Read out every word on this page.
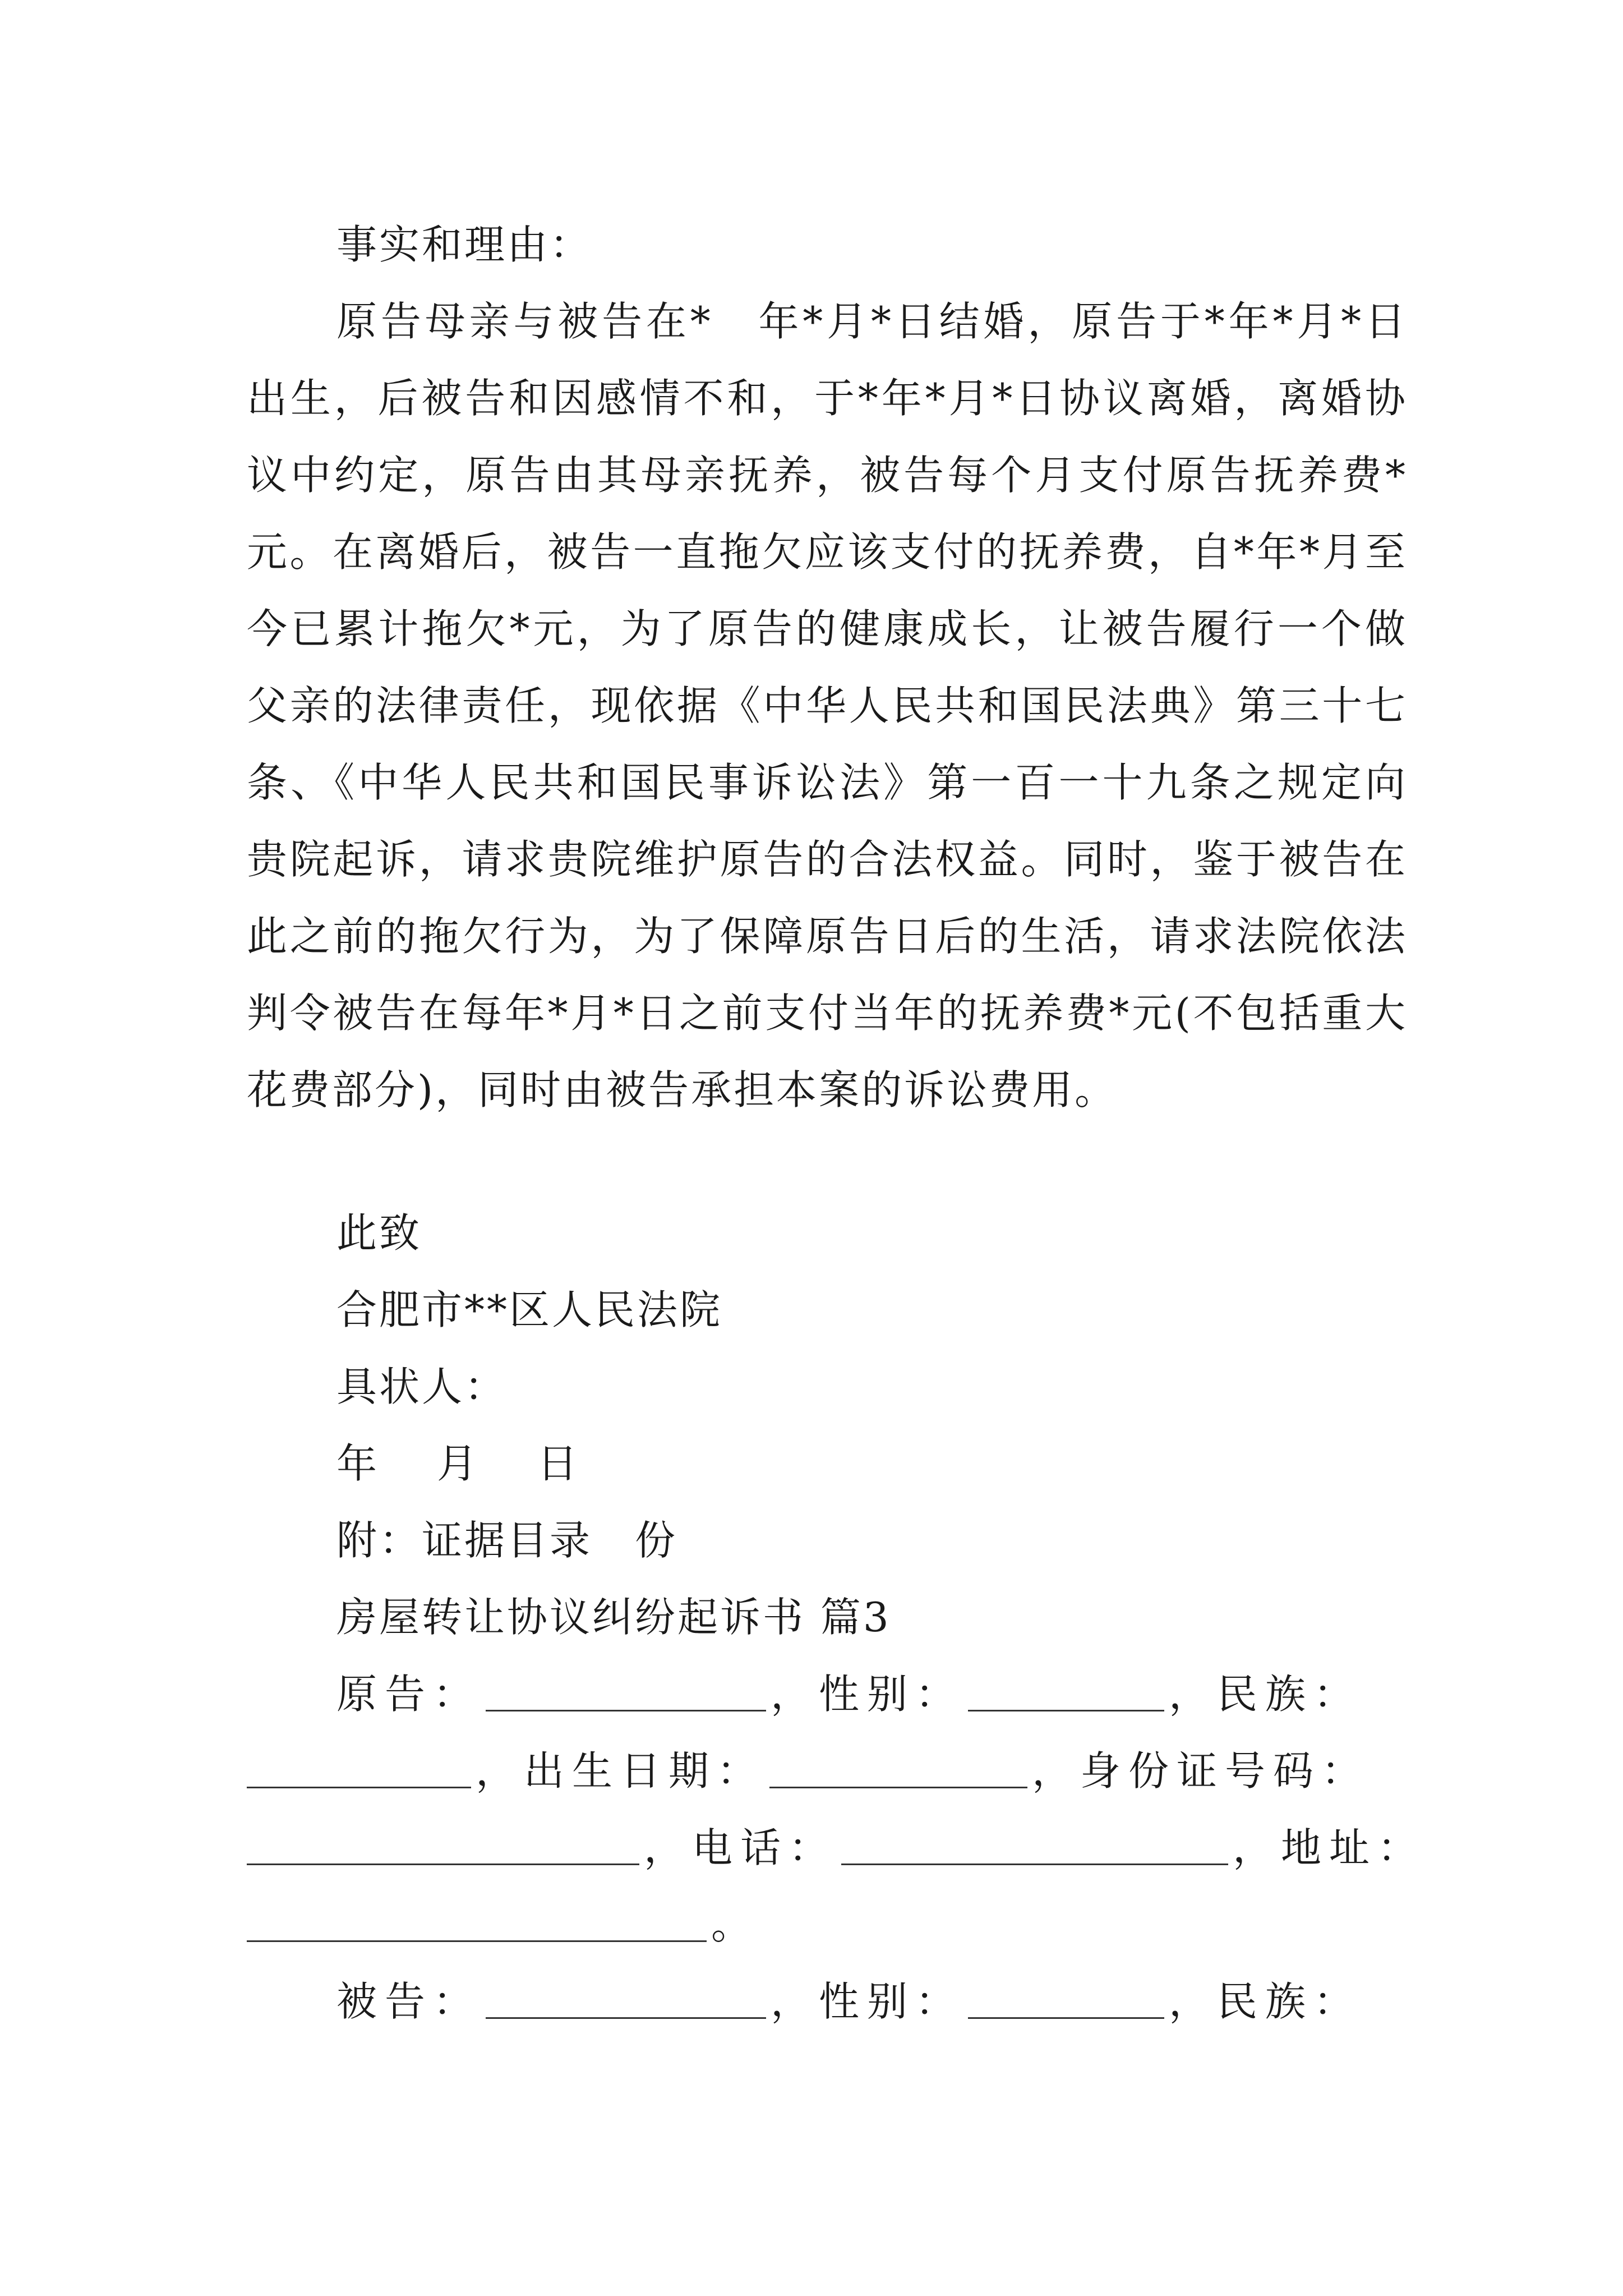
事实和理由：
原告母亲与被告在*　年*月*日结婚，原告于*年*月*日出生，后被告和因感情不和，于*年*月*日协议离婚，离婚协议中约定，原告由其母亲抚养，被告每个月支付原告抚养费*元。在离婚后，被告一直拖欠应该支付的抚养费，自*年*月至今已累计拖欠*元，为了原告的健康成长，让被告履行一个做父亲的法律责任，现依据《中华人民共和国民法典》第三十七条、《中华人民共和国民事诉讼法》第一百一十九条之规定向贵院起诉，请求贵院维护原告的合法权益。同时，鉴于被告在此之前的拖欠行为，为了保障原告日后的生活，请求法院依法判令被告在每年*月*日之前支付当年的抚养费*元(不包括重大花费部分)，同时由被告承担本案的诉讼费用。
此致
合肥市**区人民法院
具状人：
年　 月　 日
附：证据目录　份
房屋转让协议纠纷起诉书 篇3
原告：	，性别：	，民族：
，出生日期：	，身份证号码：
，电话：	，地址：
。
被告：	，性别：	，民族：
